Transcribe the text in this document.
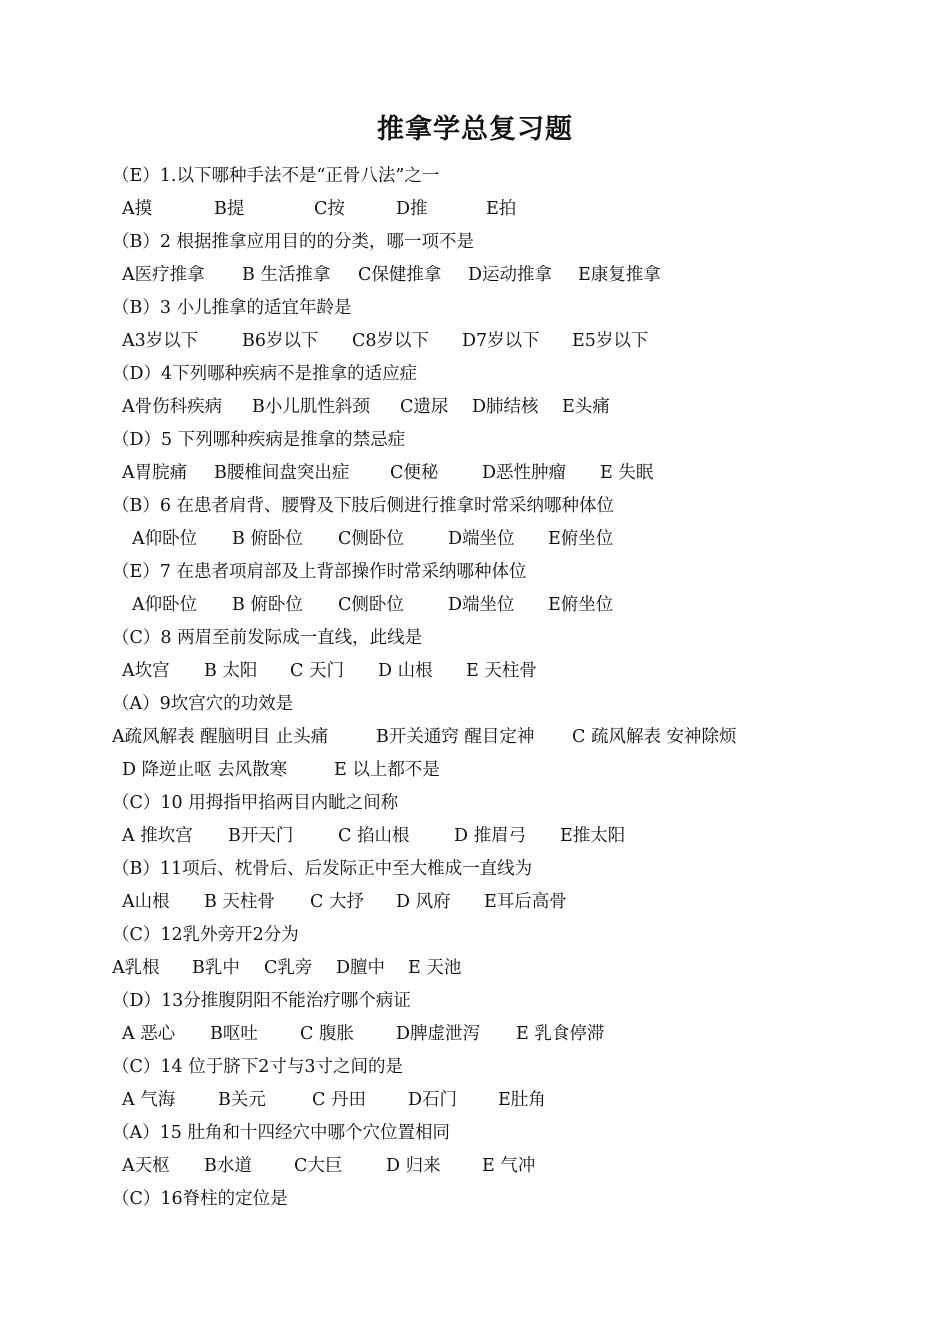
推拿学总复习题
（E）1.以下哪种手法不是“正骨八法”之一
A摸	B提	C按	D推	E拍
（B）2 根据推拿应用目的的分类，哪一项不是
A医疗推拿	B 生活推拿	C保健推拿	D运动推拿	E康复推拿
（B）3 小儿推拿的适宜年龄是
A3岁以下	B6岁以下	C8岁以下	D7岁以下	E5岁以下
（D）4下列哪种疾病不是推拿的适应症
A骨伤科疾病	B小儿肌性斜颈	C遗尿	D肺结核	E头痛
（D）5 下列哪种疾病是推拿的禁忌症
A胃脘痛	B腰椎间盘突出症	C便秘	D恶性肿瘤	E 失眠
（B）6 在患者肩背、腰臀及下肢后侧进行推拿时常采纳哪种体位
A仰卧位	B 俯卧位	C侧卧位	D端坐位	E俯坐位
（E）7 在患者项肩部及上背部操作时常采纳哪种体位
A仰卧位	B 俯卧位	C侧卧位	D端坐位	E俯坐位
（C）8 两眉至前发际成一直线，此线是
A坎宫	B 太阳	C 天门	D 山根	E 天柱骨
（A）9坎宫穴的功效是
A疏风解表 醒脑明目 止头痛	B开关通窍 醒目定神	C 疏风解表 安神除烦
D 降逆止呕 去风散寒	E 以上都不是
（C）10 用拇指甲掐两目内眦之间称
A 推坎宫	B开天门	C 掐山根	D 推眉弓	E推太阳
（B）11项后、枕骨后、后发际正中至大椎成一直线为
A山根	B 天柱骨	C 大抒	D 风府	E耳后高骨
（C）12乳外旁开2分为
A乳根	B乳中	C乳旁	D膻中	E 天池
（D）13分推腹阴阳不能治疗哪个病证
A 恶心	B呕吐	C 腹胀	D脾虚泄泻	E 乳食停滞
（C）14 位于脐下2寸与3寸之间的是
A 气海	B关元	C 丹田	D石门	E肚角
（A）15 肚角和十四经穴中哪个穴位置相同
A天枢	B水道	C大巨	D 归来	E 气冲
（C）16脊柱的定位是
